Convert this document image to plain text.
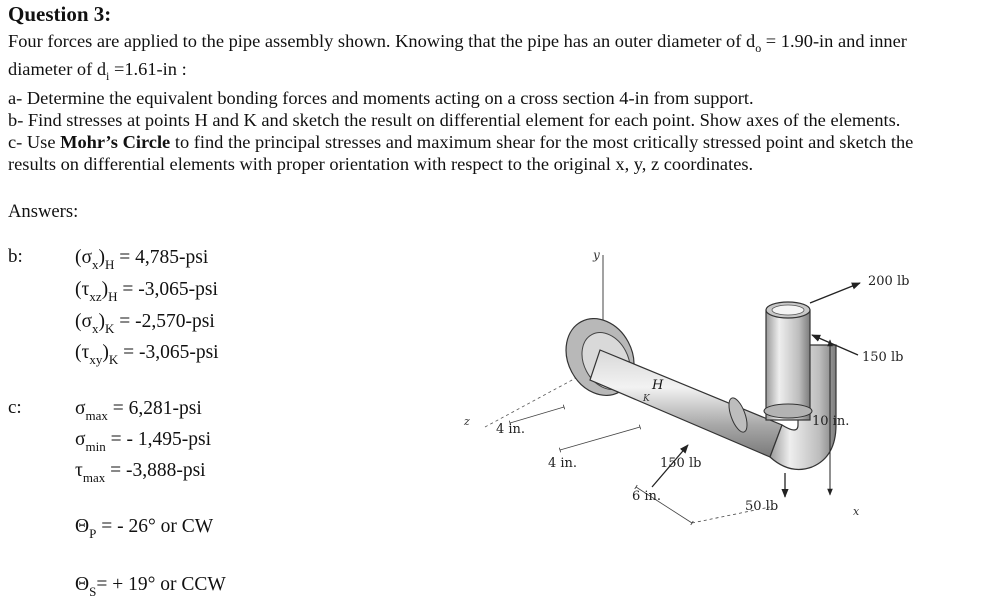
Question 3:
Four forces are applied to the pipe assembly shown. Knowing that the pipe has an outer diameter of $d_o = 1.90-in$ and inner
diameter of $d_i =1.61-in$ :
a- Determine the equivalent bonding forces and moments acting on a cross section 4-in from support.
b- Find stresses at points H and K and sketch the result on differential element for each point. Show axes of the elements.
c- Use Mohr’s Circle to find the principal stresses and maximum shear for the most critically stressed point and sketch the
results on differential elements with proper orientation with respect to the original x, y, z coordinates.
Answers:
b:	$(\sigma_x)_H = 4,785-psi$
$(\tau_{xz})_H = -3,065-psi$
$(\sigma_x)_K = -2,570-psi$
$(\tau_{xy})_K = -3,065-psi$
c:	$\sigma_{max} = 6,281-psi$
$\sigma_{min}$ = - 1,495-psi
$\tau_{max} = -3,888-psi$
$\Theta_P$ = - 26° or CW
$\Theta_S= + 19^\circ$ or CCW
y
z
x
H
K
200 lb
150 lb
10 in.
150 lb
50 lb
4 in.
4 in.
6 in.
